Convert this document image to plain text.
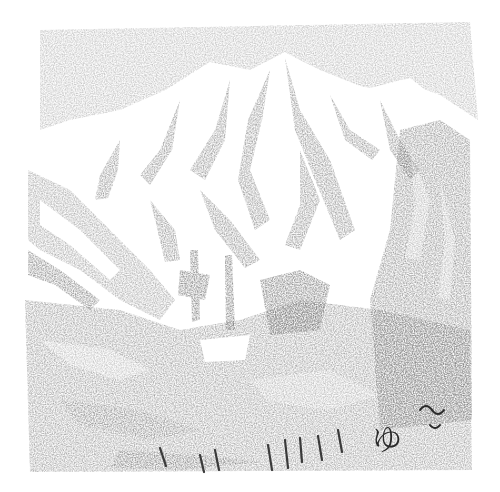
ゆ
